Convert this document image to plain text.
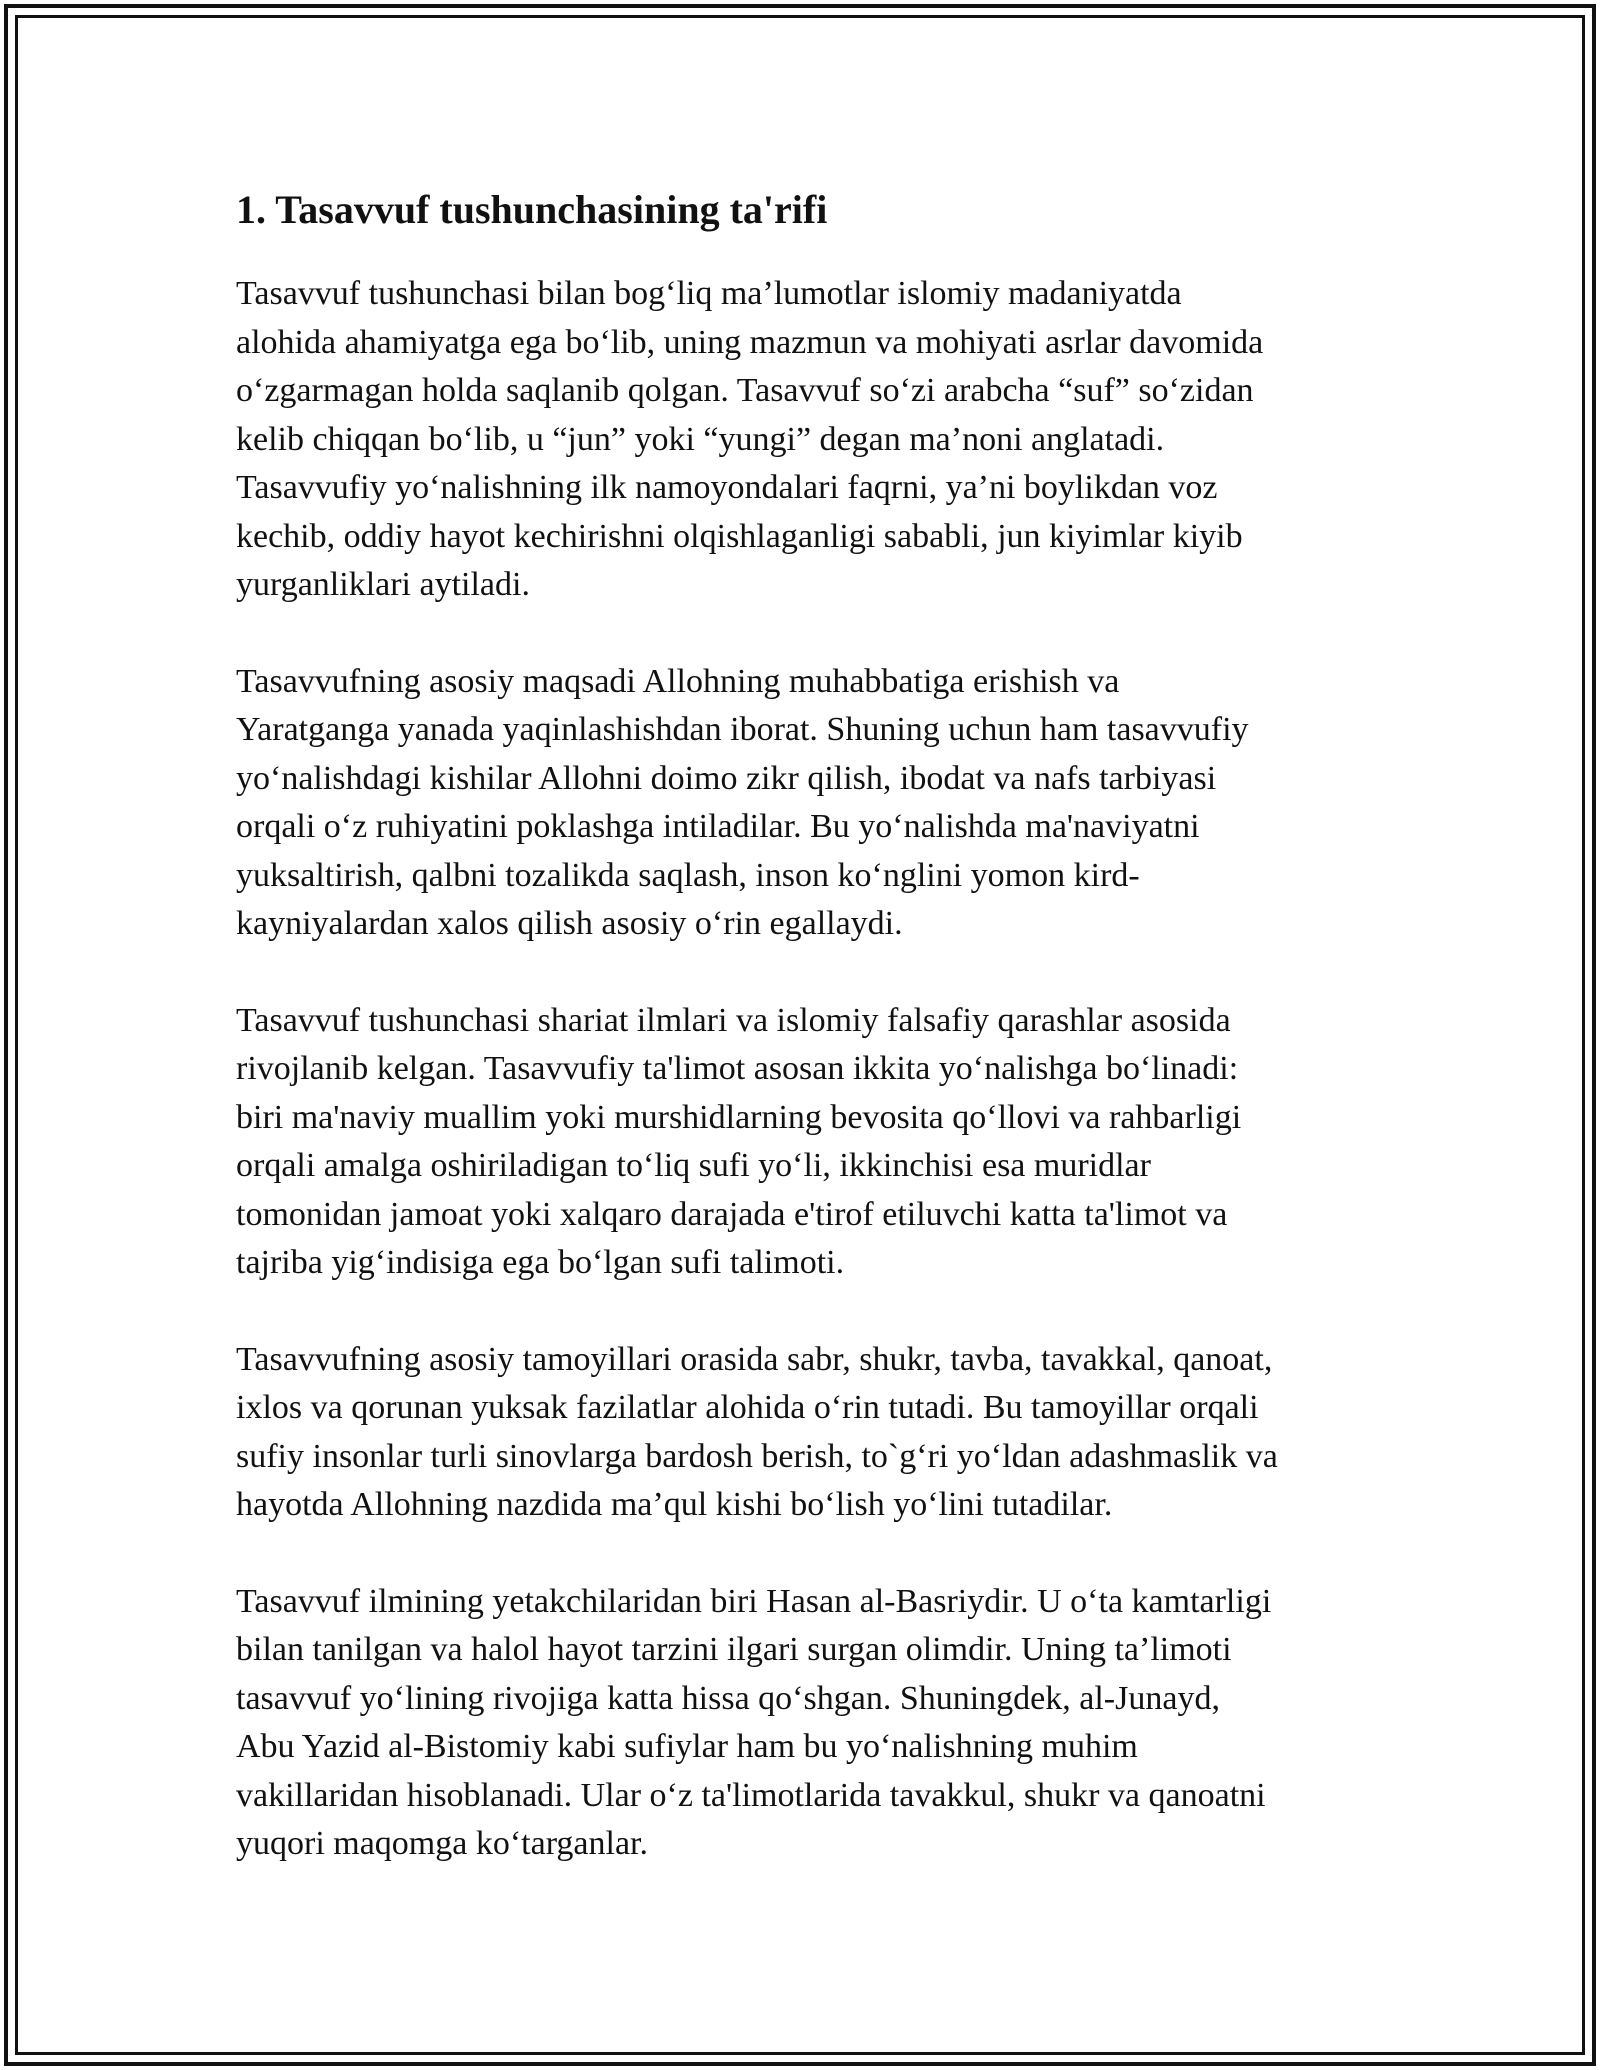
1. Tasavvuf tushunchasining ta'rifi
Tasavvuf tushunchasi bilan bog‘liq ma’lumotlar islomiy madaniyatda
alohida ahamiyatga ega bo‘lib, uning mazmun va mohiyati asrlar davomida
o‘zgarmagan holda saqlanib qolgan. Tasavvuf so‘zi arabcha “suf” so‘zidan
kelib chiqqan bo‘lib, u “jun” yoki “yungi” degan ma’noni anglatadi.
Tasavvufiy yo‘nalishning ilk namoyondalari faqrni, ya’ni boylikdan voz
kechib, oddiy hayot kechirishni olqishlaganligi sababli, jun kiyimlar kiyib
yurganliklari aytiladi.
Tasavvufning asosiy maqsadi Allohning muhabbatiga erishish va
Yaratganga yanada yaqinlashishdan iborat. Shuning uchun ham tasavvufiy
yo‘nalishdagi kishilar Allohni doimo zikr qilish, ibodat va nafs tarbiyasi
orqali o‘z ruhiyatini poklashga intiladilar. Bu yo‘nalishda ma'naviyatni
yuksaltirish, qalbni tozalikda saqlash, inson ko‘nglini yomon kird-
kayniyalardan xalos qilish asosiy o‘rin egallaydi.
Tasavvuf tushunchasi shariat ilmlari va islomiy falsafiy qarashlar asosida
rivojlanib kelgan. Tasavvufiy ta'limot asosan ikkita yo‘nalishga bo‘linadi:
biri ma'naviy muallim yoki murshidlarning bevosita qo‘llovi va rahbarligi
orqali amalga oshiriladigan to‘liq sufi yo‘li, ikkinchisi esa muridlar
tomonidan jamoat yoki xalqaro darajada e'tirof etiluvchi katta ta'limot va
tajriba yig‘indisiga ega bo‘lgan sufi talimoti.
Tasavvufning asosiy tamoyillari orasida sabr, shukr, tavba, tavakkal, qanoat,
ixlos va qorunan yuksak fazilatlar alohida o‘rin tutadi. Bu tamoyillar orqali
sufiy insonlar turli sinovlarga bardosh berish, to`g‘ri yo‘ldan adashmaslik va
hayotda Allohning nazdida ma’qul kishi bo‘lish yo‘lini tutadilar.
Tasavvuf ilmining yetakchilaridan biri Hasan al-Basriydir. U o‘ta kamtarligi
bilan tanilgan va halol hayot tarzini ilgari surgan olimdir. Uning ta’limoti
tasavvuf yo‘lining rivojiga katta hissa qo‘shgan. Shuningdek, al-Junayd,
Abu Yazid al-Bistomiy kabi sufiylar ham bu yo‘nalishning muhim
vakillaridan hisoblanadi. Ular o‘z ta'limotlarida tavakkul, shukr va qanoatni
yuqori maqomga ko‘targanlar.
